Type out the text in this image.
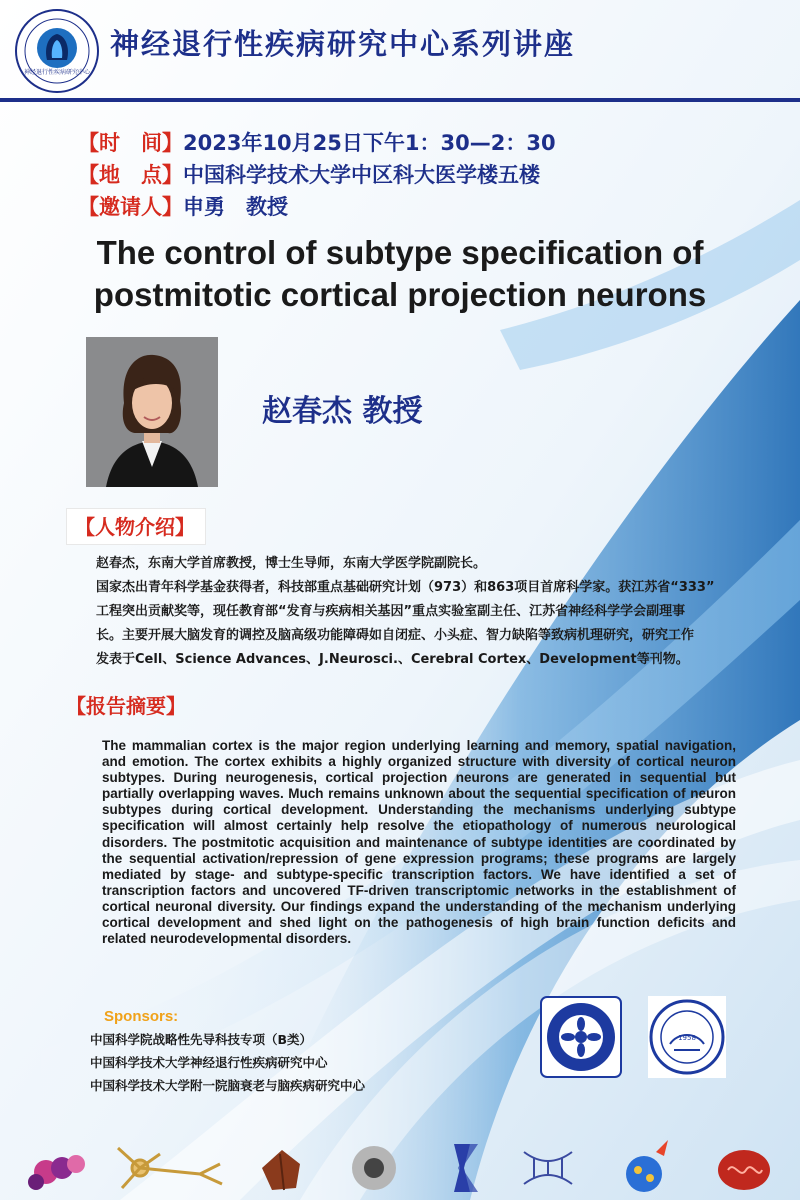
神经退行性疾病研究中心
神经退行性疾病研究中心系列讲座
【时　间】2023年10月25日下午1：30—2：30
【地　点】中国科学技术大学中区科大医学楼五楼
【邀请人】申勇　教授
The control of subtype specification of
postmitotic cortical projection neurons
赵春杰 教授
【人物介绍】
赵春杰，东南大学首席教授，博士生导师，东南大学医学院副院长。
国家杰出青年科学基金获得者，科技部重点基础研究计划（973）和863项目首席科学家。获江苏省“333”
工程突出贡献奖等，现任教育部“发育与疾病相关基因”重点实验室副主任、江苏省神经科学学会副理事
长。主要开展大脑发育的调控及脑高级功能障碍如自闭症、小头症、智力缺陷等致病机理研究，研究工作
发表于Cell、Science Advances、J.Neurosci.、Cerebral Cortex、Development等刊物。
【报告摘要】
The mammalian cortex is the major region underlying learning and memory, spatial navigation, and emotion. The cortex exhibits a highly organized structure with diversity of cortical neuron subtypes. During neurogenesis, cortical projection neurons are generated in sequential but partially overlapping waves. Much remains unknown about the sequential specification of neuron subtypes during cortical development. Understanding the mechanisms underlying subtype specification will almost certainly help resolve the etiopathology of numerous neurological disorders. The postmitotic acquisition and maintenance of subtype identities are coordinated by the sequential activation/repression of gene expression programs; these programs are largely mediated by stage- and subtype-specific transcription factors. We have identified a set of transcription factors and uncovered TF-driven transcriptomic networks in the establishment of cortical neuronal diversity. Our findings expand the understanding of the mechanism underlying cortical development and shed light on the pathogenesis of high brain function deficits and related neurodevelopmental disorders.
Sponsors:
中国科学院战略性先导科技专项（B类）
中国科学技术大学神经退行性疾病研究中心
中国科学技术大学附一院脑衰老与脑疾病研究中心
1958
